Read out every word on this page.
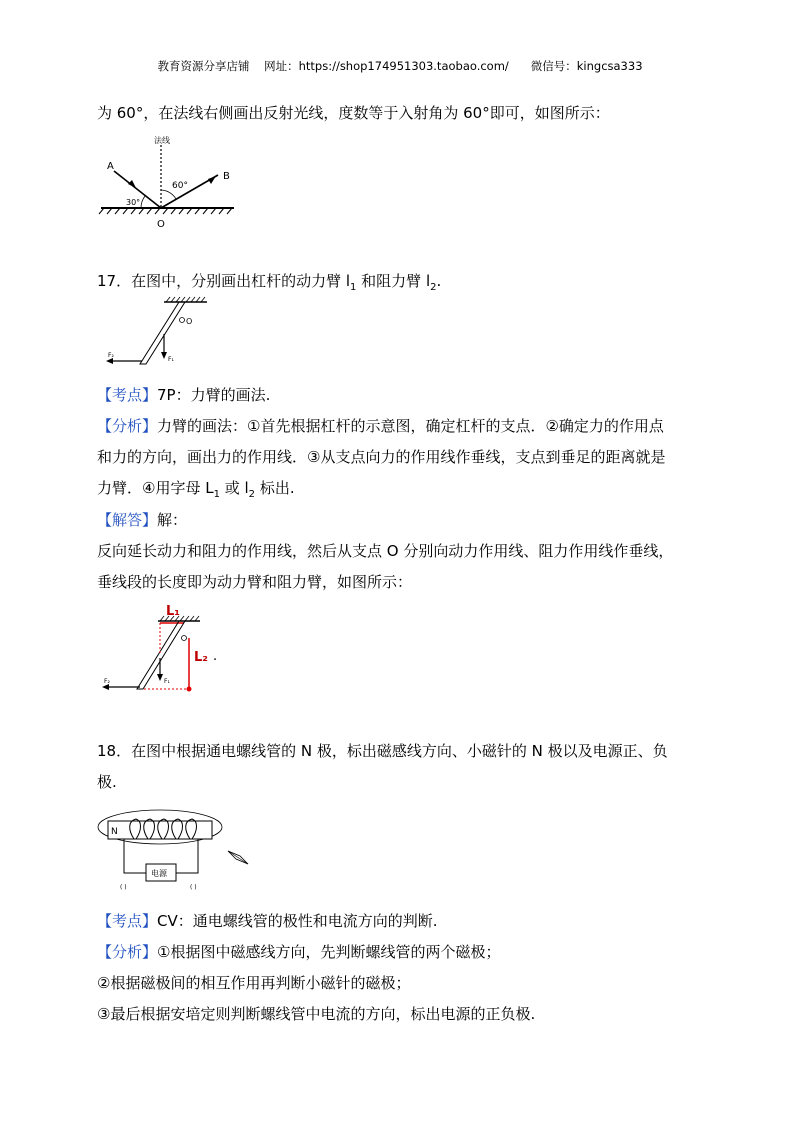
教育资源分享店铺 网址：https://shop174951303.taobao.com/ 微信号：kingcsa333
为 60°，在法线右侧画出反射光线，度数等于入射角为 60°即可，如图所示：
法线
A
B
O
30°
60°
17．在图中，分别画出杠杆的动力臂 $l_1$ 和阻力臂 $l_2$.
O
F₁
F₂
【考点】7P：力臂的画法.
【分析】力臂的画法：①首先根据杠杆的示意图，确定杠杆的支点．②确定力的作用点
和力的方向，画出力的作用线．③从支点向力的作用线作垂线，支点到垂足的距离就是
力臂．④用字母 $L_1$ 或 $l_2$ 标出.
【解答】解：
反向延长动力和阻力的作用线，然后从支点 O 分别向动力作用线、阻力作用线作垂线，
垂线段的长度即为动力臂和阻力臂，如图所示：
L₁
L₂ .
F₁
F₂
18．在图中根据通电螺线管的 N 极，标出磁感线方向、小磁针的 N 极以及电源正、负
极.
N
电源
( )	( )
【考点】CV：通电螺线管的极性和电流方向的判断.
【分析】①根据图中磁感线方向，先判断螺线管的两个磁极；
②根据磁极间的相互作用再判断小磁针的磁极；
③最后根据安培定则判断螺线管中电流的方向，标出电源的正负极.
